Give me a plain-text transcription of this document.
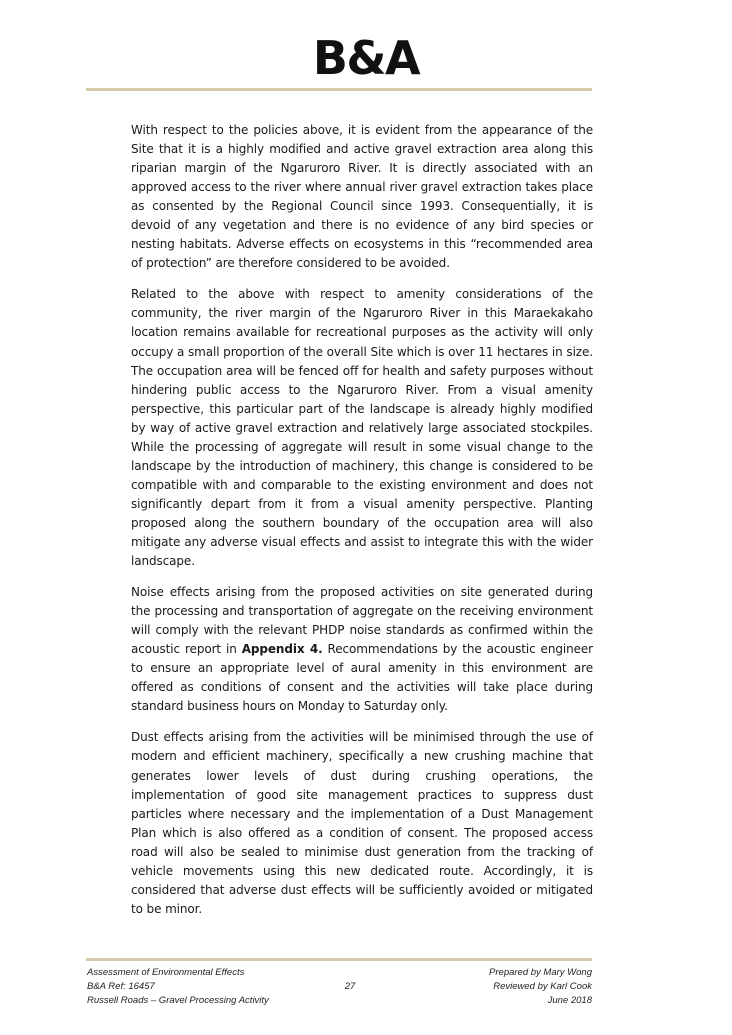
B&A

With respect to the policies above, it is evident from the appearance of the Site that it is a highly modified and active gravel extraction area along this riparian margin of the Ngaruroro River. It is directly associated with an approved access to the river where annual river gravel extraction takes place as consented by the Regional Council since 1993. Consequentially, it is devoid of any vegetation and there is no evidence of any bird species or nesting habitats. Adverse effects on ecosystems in this “recommended area of protection” are therefore considered to be avoided.

Related to the above with respect to amenity considerations of the community, the river margin of the Ngaruroro River in this Maraekakaho location remains available for recreational purposes as the activity will only occupy a small proportion of the overall Site which is over 11 hectares in size. The occupation area will be fenced off for health and safety purposes without hindering public access to the Ngaruroro River. From a visual amenity perspective, this particular part of the landscape is already highly modified by way of active gravel extraction and relatively large associated stockpiles. While the processing of aggregate will result in some visual change to the landscape by the introduction of machinery, this change is considered to be compatible with and comparable to the existing environment and does not significantly depart from it from a visual amenity perspective. Planting proposed along the southern boundary of the occupation area will also mitigate any adverse visual effects and assist to integrate this with the wider landscape.

Noise effects arising from the proposed activities on site generated during the processing and transportation of aggregate on the receiving environment will comply with the relevant PHDP noise standards as confirmed within the acoustic report in Appendix 4. Recommendations by the acoustic engineer to ensure an appropriate level of aural amenity in this environment are offered as conditions of consent and the activities will take place during standard business hours on Monday to Saturday only.

Dust effects arising from the activities will be minimised through the use of modern and efficient machinery, specifically a new crushing machine that generates lower levels of dust during crushing operations, the implementation of good site management practices to suppress dust particles where necessary and the implementation of a Dust Management Plan which is also offered as a condition of consent. The proposed access road will also be sealed to minimise dust generation from the tracking of vehicle movements using this new dedicated route. Accordingly, it is considered that adverse dust effects will be sufficiently avoided or mitigated to be minor.

Assessment of Environmental Effects
B&A Ref: 16457
Russell Roads – Gravel Processing Activity
27
Prepared by Mary Wong
Reviewed by Karl Cook
June 2018
